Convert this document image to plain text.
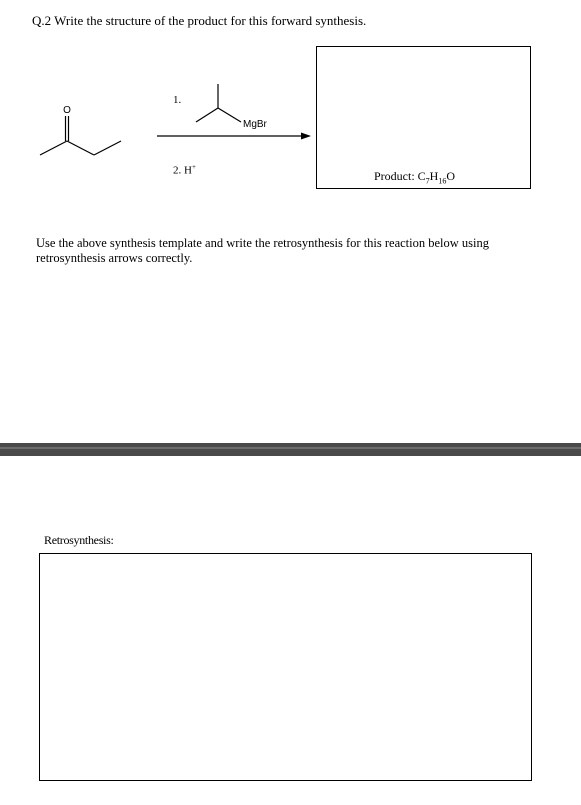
Q.2 Write the structure of the product for this forward synthesis.
O
1.
MgBr
2. H+
Product: $C_7H_{16}O$
Use the above synthesis template and write the retrosynthesis for this reaction below using retrosynthesis arrows correctly.
Retrosynthesis:
